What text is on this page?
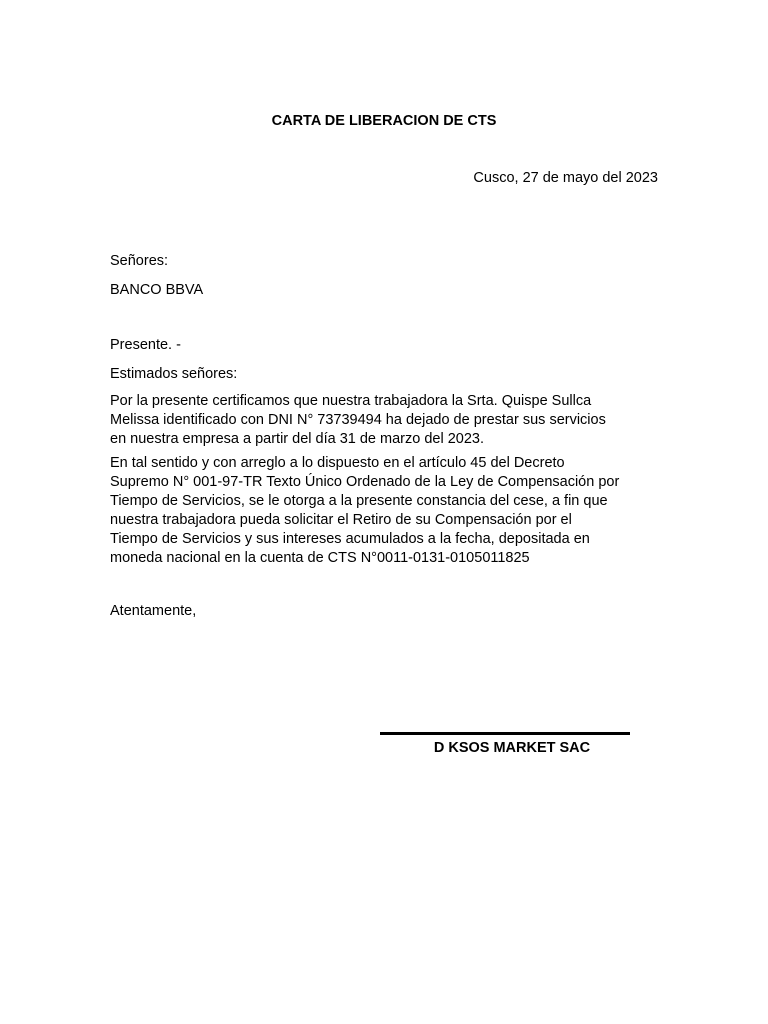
CARTA DE LIBERACION DE CTS
Cusco, 27 de mayo del 2023
Señores:
BANCO BBVA
Presente. -
Estimados señores:
Por la presente certificamos que nuestra trabajadora la Srta. Quispe Sullca
Melissa identificado con DNI N° 73739494 ha dejado de prestar sus servicios
en nuestra empresa a partir del día 31 de marzo del 2023.
En tal sentido y con arreglo a lo dispuesto en el artículo 45 del Decreto
Supremo N° 001-97-TR Texto Único Ordenado de la Ley de Compensación por
Tiempo de Servicios, se le otorga a la presente constancia del cese, a fin que
nuestra trabajadora pueda solicitar el Retiro de su Compensación por el
Tiempo de Servicios y sus intereses acumulados a la fecha, depositada en
moneda nacional en la cuenta de CTS N°0011-0131-0105011825
Atentamente,
D KSOS MARKET SAC
